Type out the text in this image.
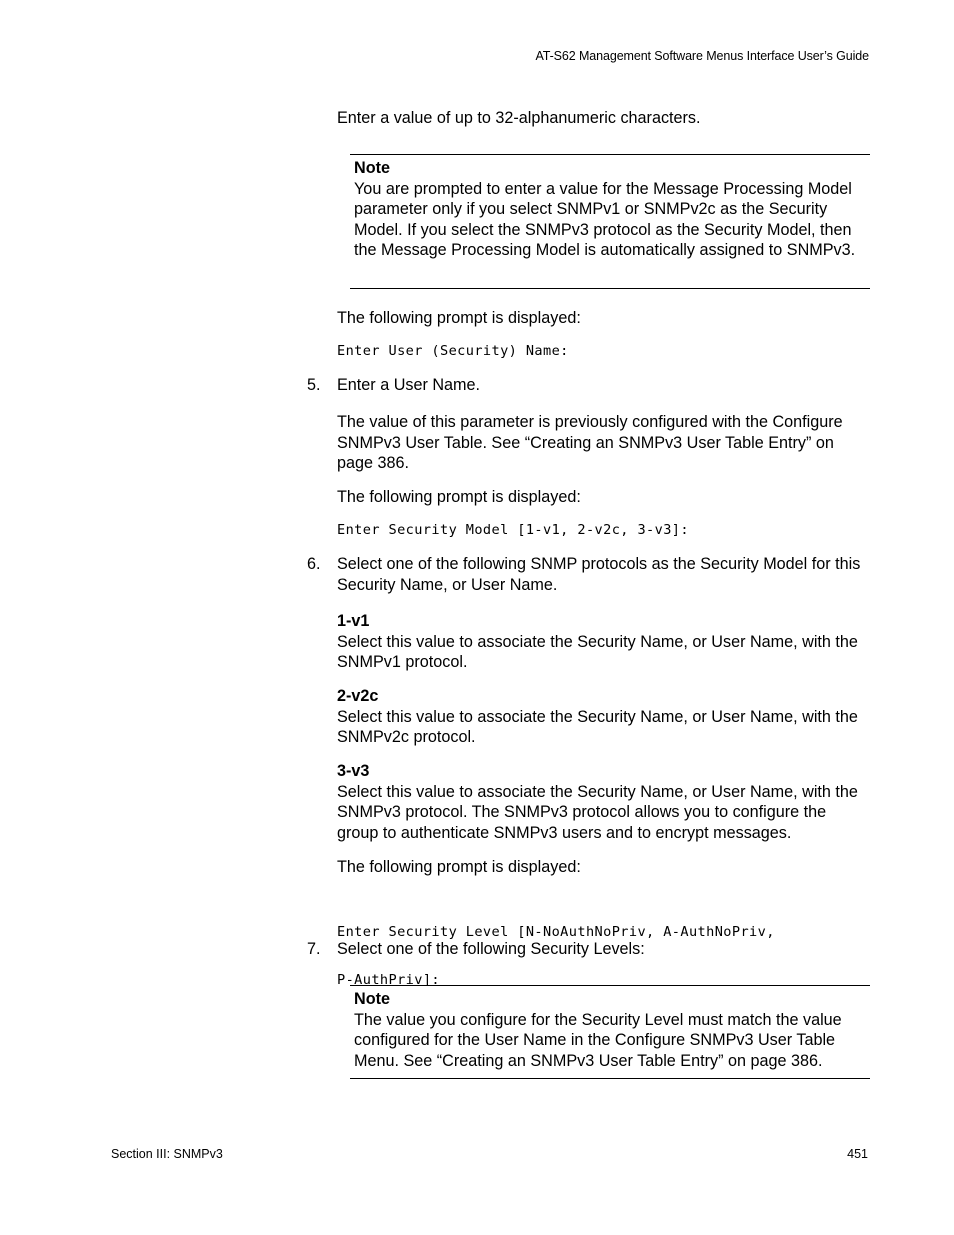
AT-S62 Management Software Menus Interface User’s Guide
Enter a value of up to 32-alphanumeric characters.
Note
You are prompted to enter a value for the Message Processing Model parameter only if you select SNMPv1 or SNMPv2c as the Security Model. If you select the SNMPv3 protocol as the Security Model, then the Message Processing Model is automatically assigned to SNMPv3.
The following prompt is displayed:
Enter User (Security) Name:
5. Enter a User Name.
The value of this parameter is previously configured with the Configure SNMPv3 User Table. See “Creating an SNMPv3 User Table Entry” on page 386.
The following prompt is displayed:
Enter Security Model [1-v1, 2-v2c, 3-v3]:
6. Select one of the following SNMP protocols as the Security Model for this Security Name, or User Name.
1-v1
Select this value to associate the Security Name, or User Name, with the SNMPv1 protocol.
2-v2c
Select this value to associate the Security Name, or User Name, with the SNMPv2c protocol.
3-v3
Select this value to associate the Security Name, or User Name, with the SNMPv3 protocol. The SNMPv3 protocol allows you to configure the group to authenticate SNMPv3 users and to encrypt messages.
The following prompt is displayed:

Enter Security Level [N-NoAuthNoPriv, A-AuthNoPriv,

P-AuthPriv]:

7. Select one of the following Security Levels:
Note
The value you configure for the Security Level must match the value configured for the User Name in the Configure SNMPv3 User Table Menu. See “Creating an SNMPv3 User Table Entry” on page 386.
Section III: SNMPv3	451
